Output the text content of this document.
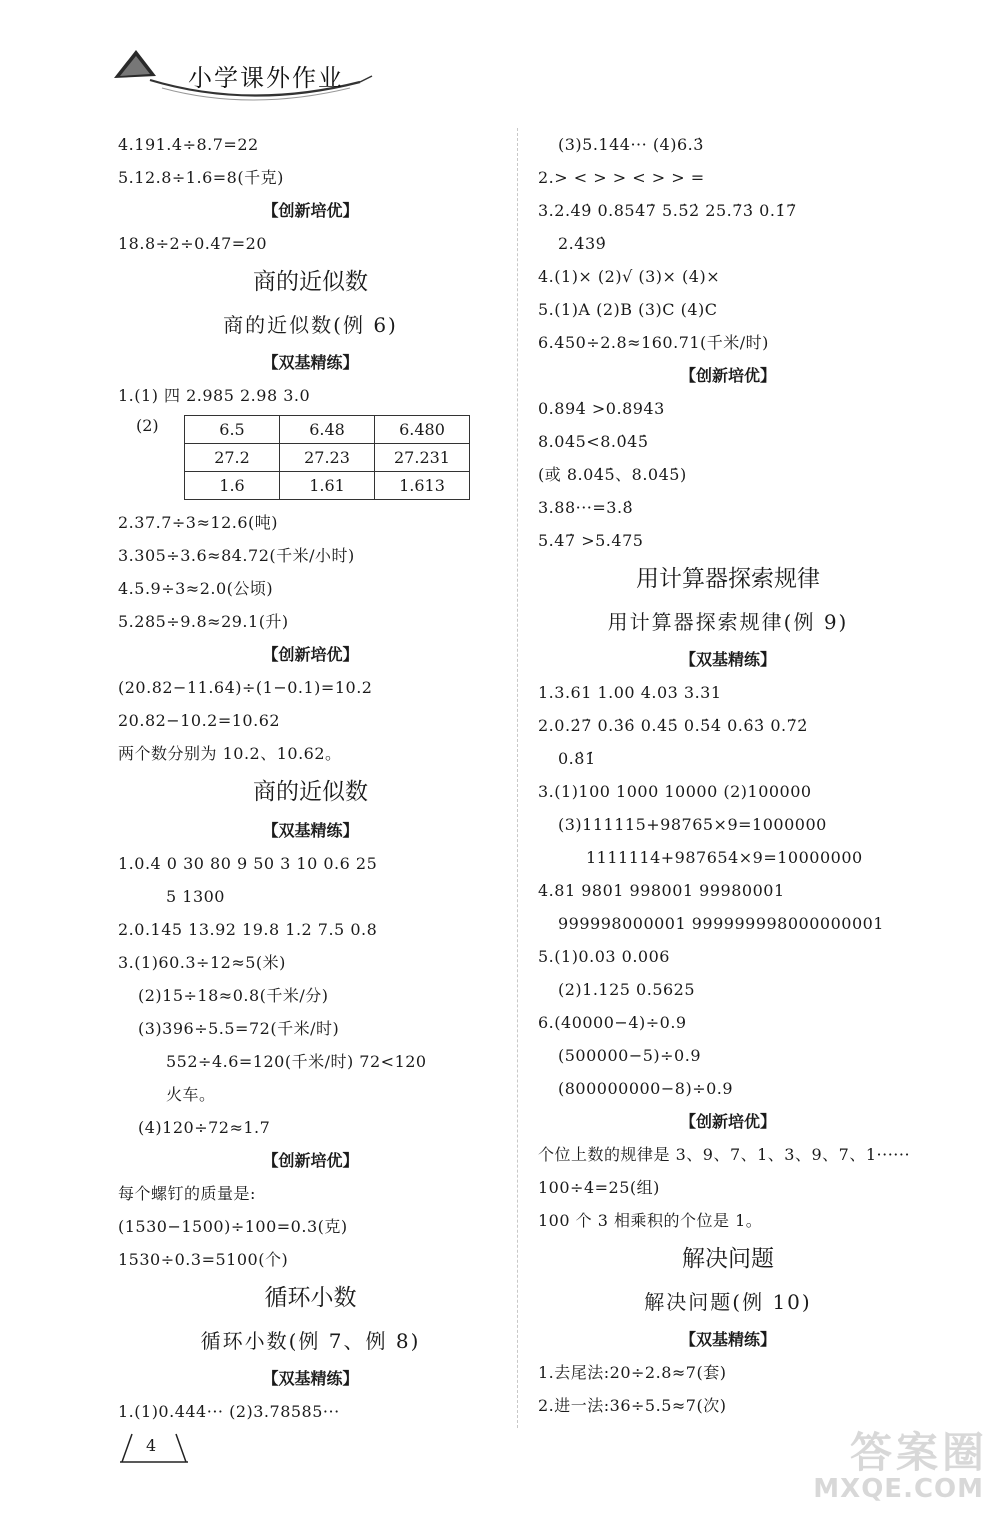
小学课外作业
4.191.4÷8.7=22
5.12.8÷1.6=8(千克)
【创新培优】
18.8÷2÷0.47=20
商的近似数
商的近似数(例 6)
【双基精练】
1.(1) 四 2.985 2.98 3.0
(2)	6.5	6.48	6.480
27.2	27.23	27.231
1.6	1.61	1.613
2.37.7÷3≈12.6(吨)
3.305÷3.6≈84.72(千米/小时)
4.5.9÷3≈2.0(公顷)
5.285÷9.8≈29.1(升)
【创新培优】
(20.82−11.64)÷(1−0.1)=10.2
20.82−10.2=10.62
两个数分别为 10.2、10.62。
商的近似数
【双基精练】
1.0.4 0 30 80 9 50 3 10 0.6 25
5 1300
2.0.145 13.92 19.8 1.2 7.5 0.8
3.(1)60.3÷12≈5(米)
(2)15÷18≈0.8(千米/分)
(3)396÷5.5=72(千米/时)
552÷4.6=120(千米/时) 72<120
火车。
(4)120÷72≈1.7
【创新培优】
每个螺钉的质量是:
(1530−1500)÷100=0.3(克)
1530÷0.3=5100(个)
循环小数
循环小数(例 7、例 8)
【双基精练】
1.(1)0.444··· (2)3.78585···
(3)5.144··· (4)6.3̇
2.> < > > < > > =
3.2.4̇9̇ 0.854̇7̇ 5.5̇2̇ 25.7̇3̇ 0.1̇7̇
2.4̇39̇
4.(1)× (2)√ (3)× (4)×
5.(1)A (2)B (3)C (4)C
6.450÷2.8≈160.71(千米/时)
【创新培优】
0.894̇ >0.8943
8.045<8.0̇45̇
(或 8.04̇5̇、8.045̇)
3.88···=3.8̇
5.47̇ >5.475
用计算器探索规律
用计算器探索规律(例 9)
【双基精练】
1.3.61 1.00 4.03 3.31
2.0.2̇7̇ 0.3̇6̇ 0.4̇5̇ 0.5̇4̇ 0.6̇3̇ 0.7̇2̇
0.8̇1̇
3.(1)100 1000 10000 (2)100000
(3)111115+98765×9=1000000
1111114+987654×9=10000000
4.81 9801 998001 99980001
999998000001 999999998000000001
5.(1)0.03 0.006
(2)1.125 0.5625
6.(40000−4)÷0.9
(500000−5)÷0.9
(800000000−8)÷0.9
【创新培优】
个位上数的规律是 3、9、7、1、3、9、7、1······
100÷4=25(组)
100 个 3 相乘积的个位是 1。
解决问题
解决问题(例 10)
【双基精练】
1.去尾法:20÷2.8≈7(套)
2.进一法:36÷5.5≈7(次)
4	答案圈
MXQE.COM
